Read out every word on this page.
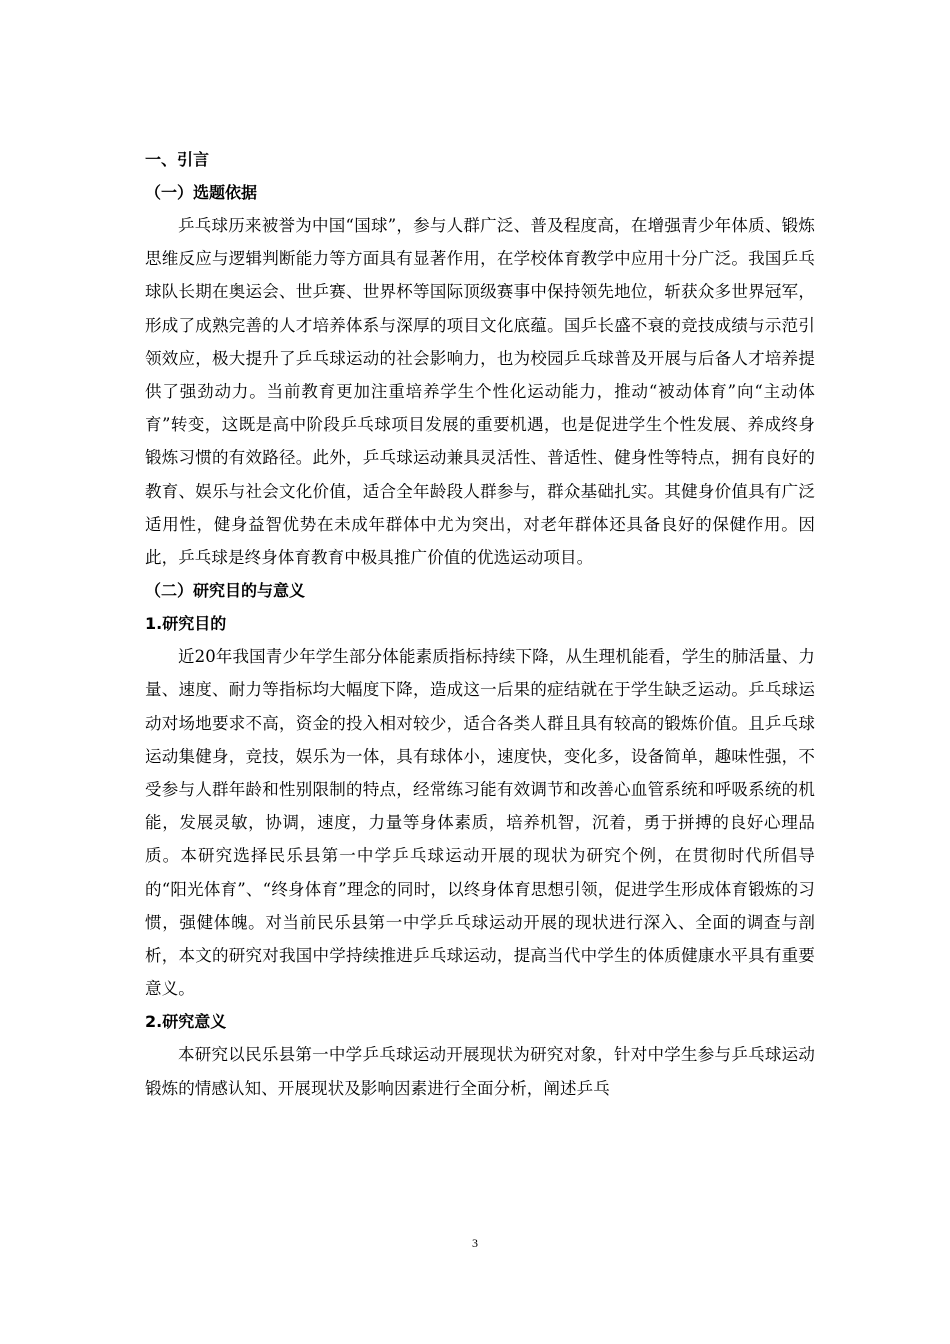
一、引言
（一）选题依据

乒乓球历来被誉为中国“国球”，参与人群广泛、普及程度高，在增强青少年体质、锻炼思维反应与逻辑判断能力等方面具有显著作用，在学校体育教学中应用十分广泛。我国乒乓球队长期在奥运会、世乒赛、世界杯等国际顶级赛事中保持领先地位，斩获众多世界冠军，形成了成熟完善的人才培养体系与深厚的项目文化底蕴。国乒长盛不衰的竞技成绩与示范引领效应，极大提升了乒乓球运动的社会影响力，也为校园乒乓球普及开展与后备人才培养提供了强劲动力。当前教育更加注重培养学生个性化运动能力，推动“被动体育”向“主动体育”转变，这既是高中阶段乒乓球项目发展的重要机遇，也是促进学生个性发展、养成终身锻炼习惯的有效路径。此外，乒乓球运动兼具灵活性、普适性、健身性等特点，拥有良好的教育、娱乐与社会文化价值，适合全年龄段人群参与，群众基础扎实。其健身价值具有广泛适用性，健身益智优势在未成年群体中尤为突出，对老年群体还具备良好的保健作用。因此，乒乓球是终身体育教育中极具推广价值的优选运动项目。

（二）研究目的与意义
1.研究目的

近20年我国青少年学生部分体能素质指标持续下降，从生理机能看，学生的肺活量、力量、速度、耐力等指标均大幅度下降，造成这一后果的症结就在于学生缺乏运动。乒乓球运动对场地要求不高，资金的投入相对较少，适合各类人群且具有较高的锻炼价值。且乒乓球运动集健身，竞技，娱乐为一体，具有球体小，速度快，变化多，设备简单，趣味性强，不受参与人群年龄和性别限制的特点，经常练习能有效调节和改善心血管系统和呼吸系统的机能，发展灵敏，协调，速度，力量等身体素质，培养机智，沉着，勇于拼搏的良好心理品质。本研究选择民乐县第一中学乒乓球运动开展的现状为研究个例，在贯彻时代所倡导的“阳光体育”、“终身体育”理念的同时，以终身体育思想引领，促进学生形成体育锻炼的习惯，强健体魄。对当前民乐县第一中学乒乓球运动开展的现状进行深入、全面的调查与剖析，本文的研究对我国中学持续推进乒乓球运动，提高当代中学生的体质健康水平具有重要意义。

2.研究意义

本研究以民乐县第一中学乒乓球运动开展现状为研究对象，针对中学生参与乒乓球运动锻炼的情感认知、开展现状及影响因素进行全面分析，阐述乒乓

3
